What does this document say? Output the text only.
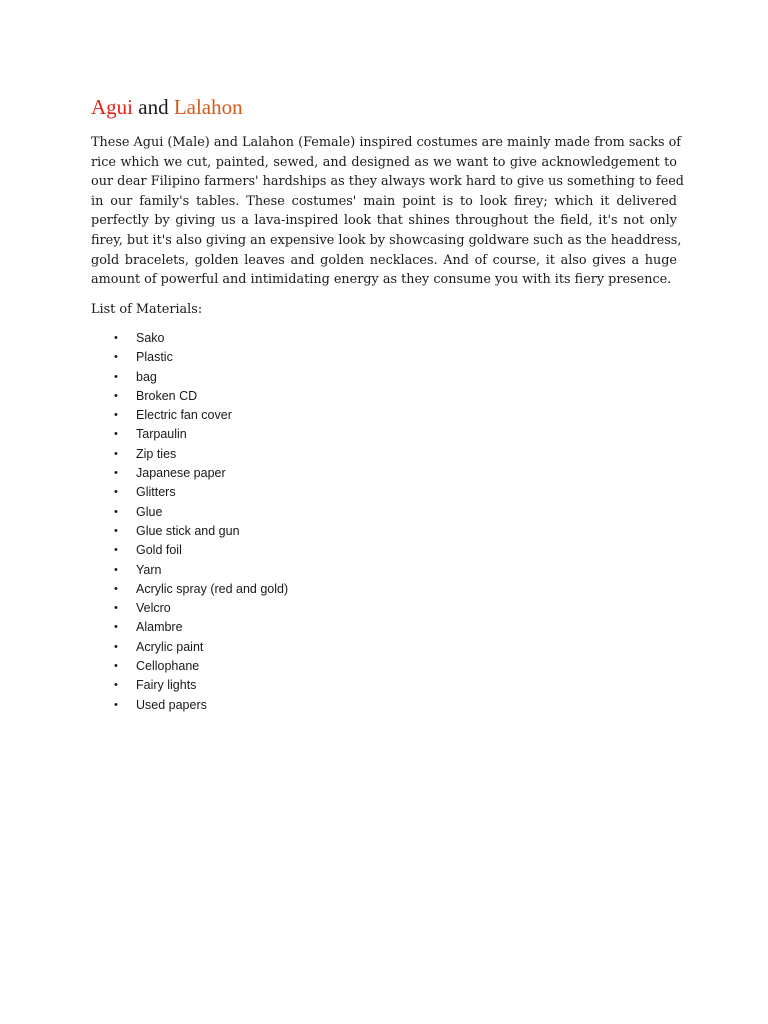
Agui and Lalahon
These Agui (Male) and Lalahon (Female) inspired costumes are mainly made from sacks of
rice which we cut, painted, sewed, and designed as we want to give acknowledgement to
our dear Filipino farmers' hardships as they always work hard to give us something to feed
in our family's tables. These costumes' main point is to look firey; which it delivered
perfectly by giving us a lava-inspired look that shines throughout the field, it's not only
firey, but it's also giving an expensive look by showcasing goldware such as the headdress,
gold bracelets, golden leaves and golden necklaces. And of course, it also gives a huge
amount of powerful and intimidating energy as they consume you with its fiery presence.
List of Materials:
• Sako
• Plastic
• bag
• Broken CD
• Electric fan cover
• Tarpaulin
• Zip ties
• Japanese paper
• Glitters
• Glue
• Glue stick and gun
• Gold foil
• Yarn
• Acrylic spray (red and gold)
• Velcro
• Alambre
• Acrylic paint
• Cellophane
• Fairy lights
• Used papers
